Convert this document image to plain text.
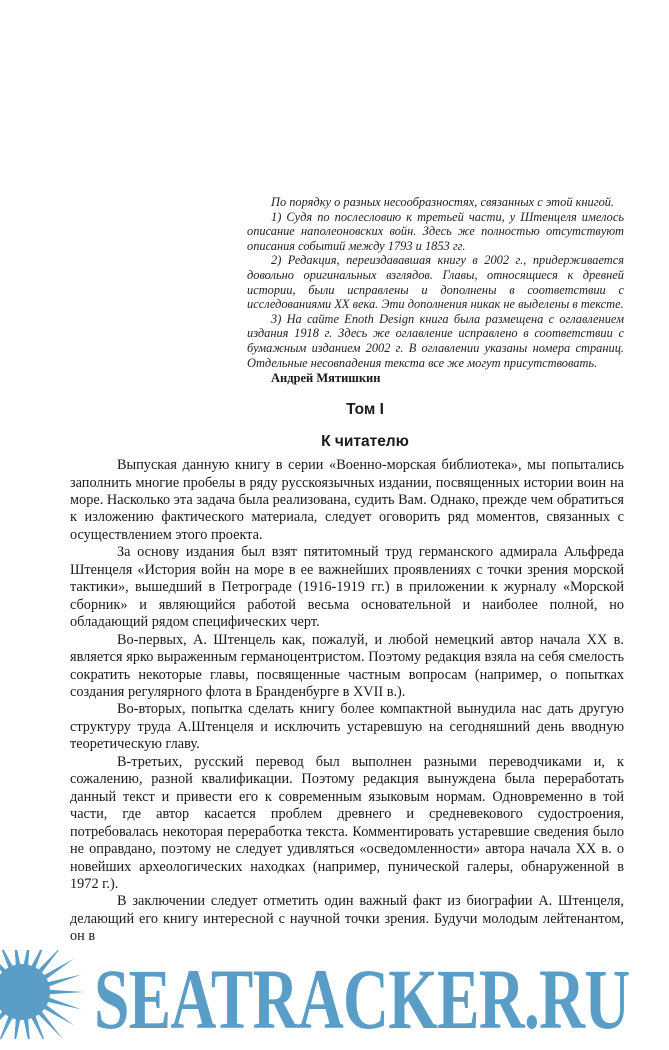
По порядку о разных несообразностях, связанных с этой книгой.

1) Судя по послесловию к третьей части, у Штенцеля имелось описание наполеоновских войн. Здесь же полностью отсутствуют описания событий между 1793 и 1853 гг.

2) Редакция, переиздававшая книгу в 2002 г., придерживается довольно оригинальных взглядов. Главы, относящиеся к древней истории, были исправлены и дополнены в соответствии с исследованиями XX века. Эти дополнения никак не выделены в тексте.

3) На сайте Enoth Design книга была размещена с оглавлением издания 1918 г. Здесь же оглавление исправлено в соответствии с бумажным изданием 2002 г. В оглавлении указаны номера страниц. Отдельные несовпадения текста все же могут присутствовать.

Андрей Мятишкин
Том I
К читателю

Выпуская данную книгу в серии «Военно-морская библиотека», мы попытались заполнить многие пробелы в ряду русскоязычных издании, посвященных истории воин на море. Насколько эта задача была реализована, судить Вам. Однако, прежде чем обратиться к изложению фактического материала, следует оговорить ряд моментов, связанных с осуществлением этого проекта.

За основу издания был взят пятитомный труд германского адмирала Альфреда Штенцеля «История войн на море в ее важнейших проявлениях с точки зрения морской тактики», вышедший в Петрограде (1916-1919 гг.) в приложении к журналу «Морской сборник» и являющийся работой весьма основательной и наиболее полной, но обладающий рядом специфических черт.

Во-первых, А. Штенцель как, пожалуй, и любой немецкий автор начала XX в. является ярко выраженным германоцентристом. Поэтому редакция взяла на себя смелость сократить некоторые главы, посвященные частным вопросам (например, о попытках создания регулярного флота в Бранденбурге в XVII в.).

Во-вторых, попытка сделать книгу более компактной вынудила нас дать другую структуру труда А.Штенцеля и исключить устаревшую на сегодняшний день вводную теоретическую главу.

В-третьих, русский перевод был выполнен разными переводчиками и, к сожалению, разной квалификации. Поэтому редакция вынуждена была переработать данный текст и привести его к современным языковым нормам. Одновременно в той части, где автор касается проблем древнего и средневекового судостроения, потребовалась некоторая переработка текста. Комментировать устаревшие сведения было не оправдано, поэтому не следует удивляться «осведомленности» автора начала XX в. о новейших археологических находках (например, пунической галеры, обнаруженной в 1972 г.).

В заключении следует отметить один важный факт из биографии А. Штенцеля, делающий его книгу интересной с научной точки зрения. Будучи молодым лейтенантом, он в

SEATRACKER.RU
